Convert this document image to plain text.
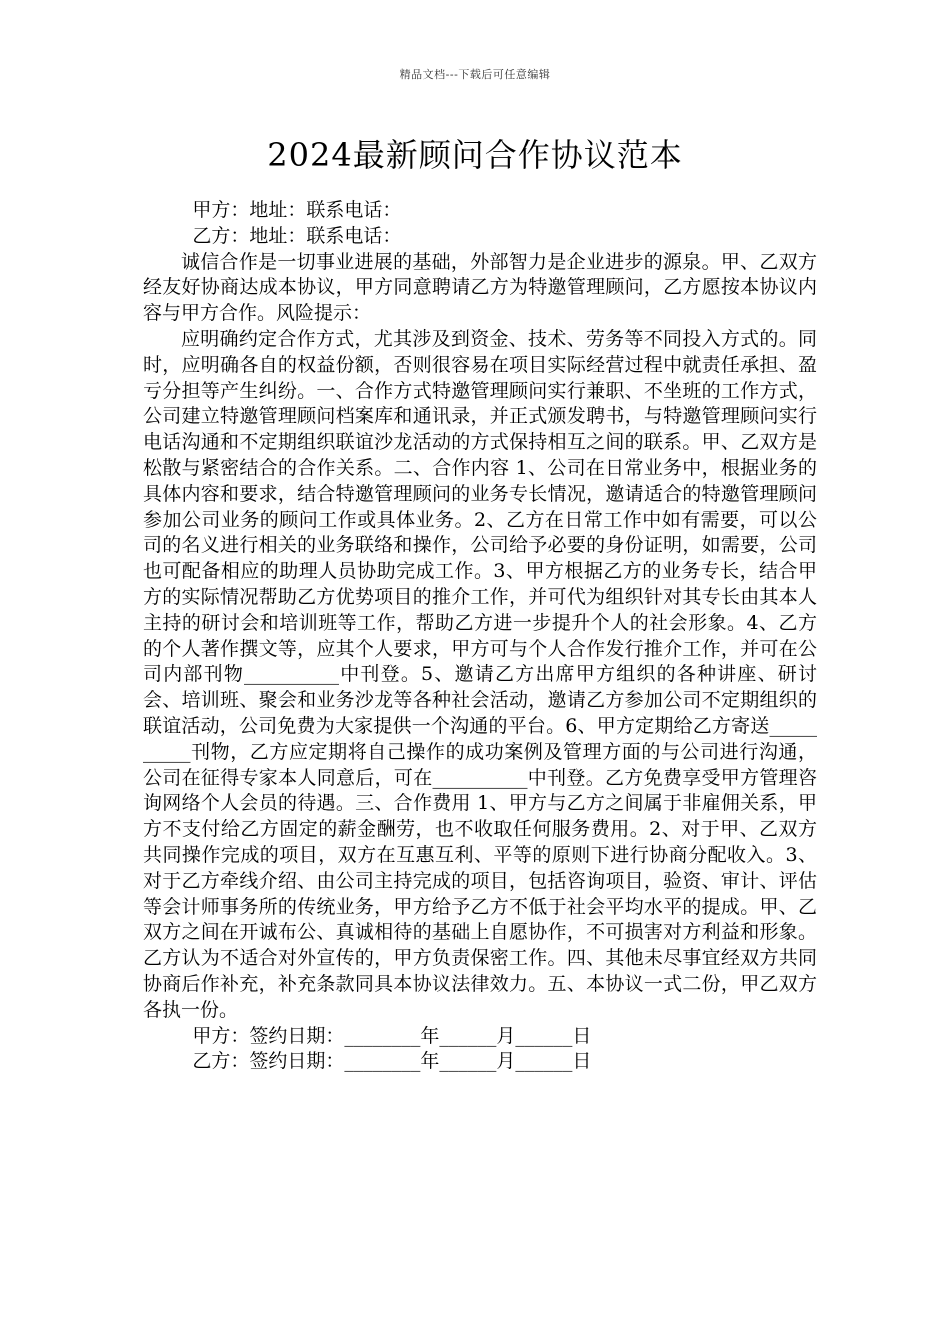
精品文档---下载后可任意编辑
2024最新顾问合作协议范本

甲方：地址：联系电话：

乙方：地址：联系电话：

诚信合作是一切事业进展的基础，外部智力是企业进步的源泉。甲、乙双方经友好协商达成本协议，甲方同意聘请乙方为特邀管理顾问，乙方愿按本协议内容与甲方合作。风险提示：

应明确约定合作方式，尤其涉及到资金、技术、劳务等不同投入方式的。同时，应明确各自的权益份额，否则很容易在项目实际经营过程中就责任承担、盈亏分担等产生纠纷。一、合作方式特邀管理顾问实行兼职、不坐班的工作方式，公司建立特邀管理顾问档案库和通讯录，并正式颁发聘书，与特邀管理顾问实行电话沟通和不定期组织联谊沙龙活动的方式保持相互之间的联系。甲、乙双方是松散与紧密结合的合作关系。二、合作内容 1、公司在日常业务中，根据业务的具体内容和要求，结合特邀管理顾问的业务专长情况，邀请适合的特邀管理顾问参加公司业务的顾问工作或具体业务。2、乙方在日常工作中如有需要，可以公司的名义进行相关的业务联络和操作，公司给予必要的身份证明，如需要，公司也可配备相应的助理人员协助完成工作。3、甲方根据乙方的业务专长，结合甲方的实际情况帮助乙方优势项目的推介工作，并可代为组织针对其专长由其本人主持的研讨会和培训班等工作，帮助乙方进一步提升个人的社会形象。4、乙方的个人著作撰文等，应其个人要求，甲方可与个人合作发行推介工作，并可在公司内部刊物__________中刊登。5、邀请乙方出席甲方组织的各种讲座、研讨会、培训班、聚会和业务沙龙等各种社会活动，邀请乙方参加公司不定期组织的联谊活动，公司免费为大家提供一个沟通的平台。6、甲方定期给乙方寄送__________刊物，乙方应定期将自己操作的成功案例及管理方面的与公司进行沟通，公司在征得专家本人同意后，可在__________中刊登。乙方免费享受甲方管理咨询网络个人会员的待遇。三、合作费用 1、甲方与乙方之间属于非雇佣关系，甲方不支付给乙方固定的薪金酬劳，也不收取任何服务费用。2、对于甲、乙双方共同操作完成的项目，双方在互惠互利、平等的原则下进行协商分配收入。3、对于乙方牵线介绍、由公司主持完成的项目，包括咨询项目，验资、审计、评估等会计师事务所的传统业务，甲方给予乙方不低于社会平均水平的提成。甲、乙双方之间在开诚布公、真诚相待的基础上自愿协作，不可损害对方利益和形象。乙方认为不适合对外宣传的，甲方负责保密工作。四、其他未尽事宜经双方共同协商后作补充，补充条款同具本协议法律效力。五、本协议一式二份，甲乙双方各执一份。

甲方：签约日期：________年______月______日

乙方：签约日期：________年______月______日
